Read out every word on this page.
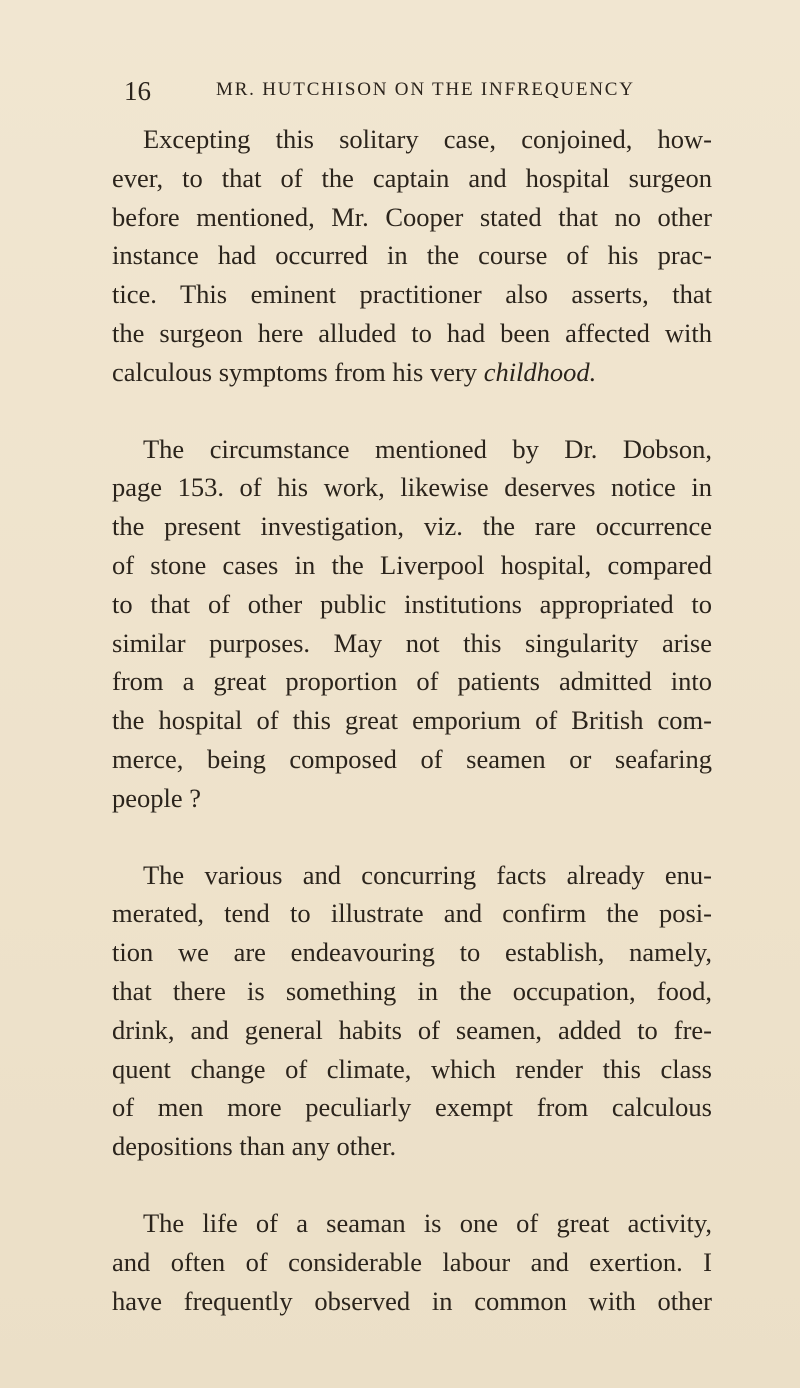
16	MR. HUTCHISON ON THE INFREQUENCY

Excepting this solitary case, conjoined, how-
ever, to that of the captain and hospital surgeon
before mentioned, Mr. Cooper stated that no other
instance had occurred in the course of his prac-
tice. This eminent practitioner also asserts, that
the surgeon here alluded to had been affected with
calculous symptoms from his very childhood.

The circumstance mentioned by Dr. Dobson,
page 153. of his work, likewise deserves notice in
the present investigation, viz. the rare occurrence
of stone cases in the Liverpool hospital, compared
to that of other public institutions appropriated to
similar purposes. May not this singularity arise
from a great proportion of patients admitted into
the hospital of this great emporium of British com-
merce, being composed of seamen or seafaring
people ?

The various and concurring facts already enu-
merated, tend to illustrate and confirm the posi-
tion we are endeavouring to establish, namely,
that there is something in the occupation, food,
drink, and general habits of seamen, added to fre-
quent change of climate, which render this class
of men more peculiarly exempt from calculous
depositions than any other.

The life of a seaman is one of great activity,
and often of considerable labour and exertion. I
have frequently observed in common with other
